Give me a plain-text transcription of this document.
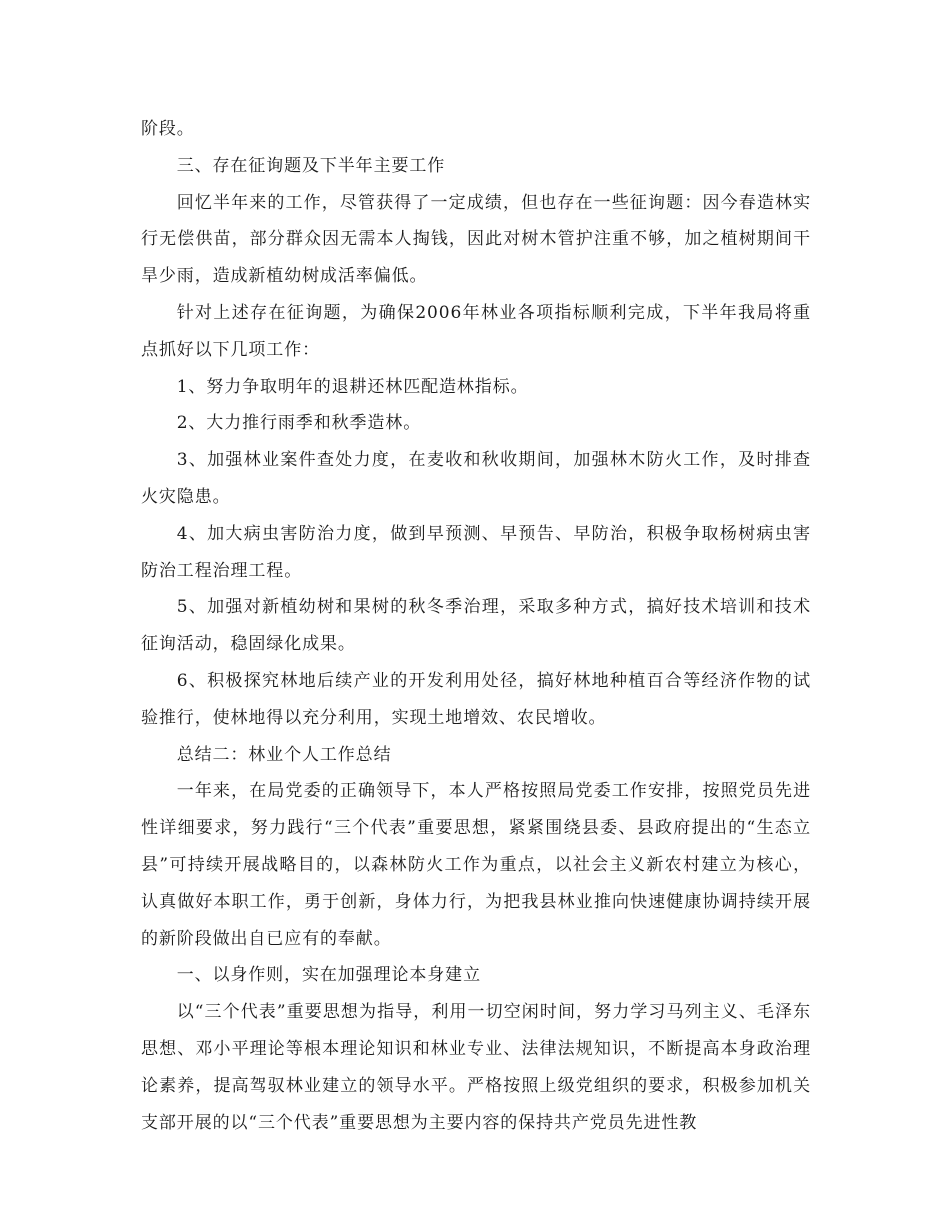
阶段。

三、存在征询题及下半年主要工作

回忆半年来的工作，尽管获得了一定成绩，但也存在一些征询题：因今春造林实行无偿供苗，部分群众因无需本人掏钱，因此对树木管护注重不够，加之植树期间干旱少雨，造成新植幼树成活率偏低。

针对上述存在征询题，为确保2006年林业各项指标顺利完成，下半年我局将重点抓好以下几项工作：

1、努力争取明年的退耕还林匹配造林指标。

2、大力推行雨季和秋季造林。

3、加强林业案件查处力度，在麦收和秋收期间，加强林木防火工作，及时排查火灾隐患。

4、加大病虫害防治力度，做到早预测、早预告、早防治，积极争取杨树病虫害防治工程治理工程。

5、加强对新植幼树和果树的秋冬季治理，采取多种方式，搞好技术培训和技术征询活动，稳固绿化成果。

6、积极探究林地后续产业的开发利用处径，搞好林地种植百合等经济作物的试验推行，使林地得以充分利用，实现土地增效、农民增收。

总结二：林业个人工作总结

一年来，在局党委的正确领导下，本人严格按照局党委工作安排，按照党员先进性详细要求，努力践行“三个代表”重要思想，紧紧围绕县委、县政府提出的“生态立县”可持续开展战略目的，以森林防火工作为重点，以社会主义新农村建立为核心，认真做好本职工作，勇于创新，身体力行，为把我县林业推向快速健康协调持续开展的新阶段做出自已应有的奉献。

一、以身作则，实在加强理论本身建立

以“三个代表”重要思想为指导，利用一切空闲时间，努力学习马列主义、毛泽东思想、邓小平理论等根本理论知识和林业专业、法律法规知识，不断提高本身政治理论素养，提高驾驭林业建立的领导水平。严格按照上级党组织的要求，积极参加机关支部开展的以“三个代表”重要思想为主要内容的保持共产党员先进性教
